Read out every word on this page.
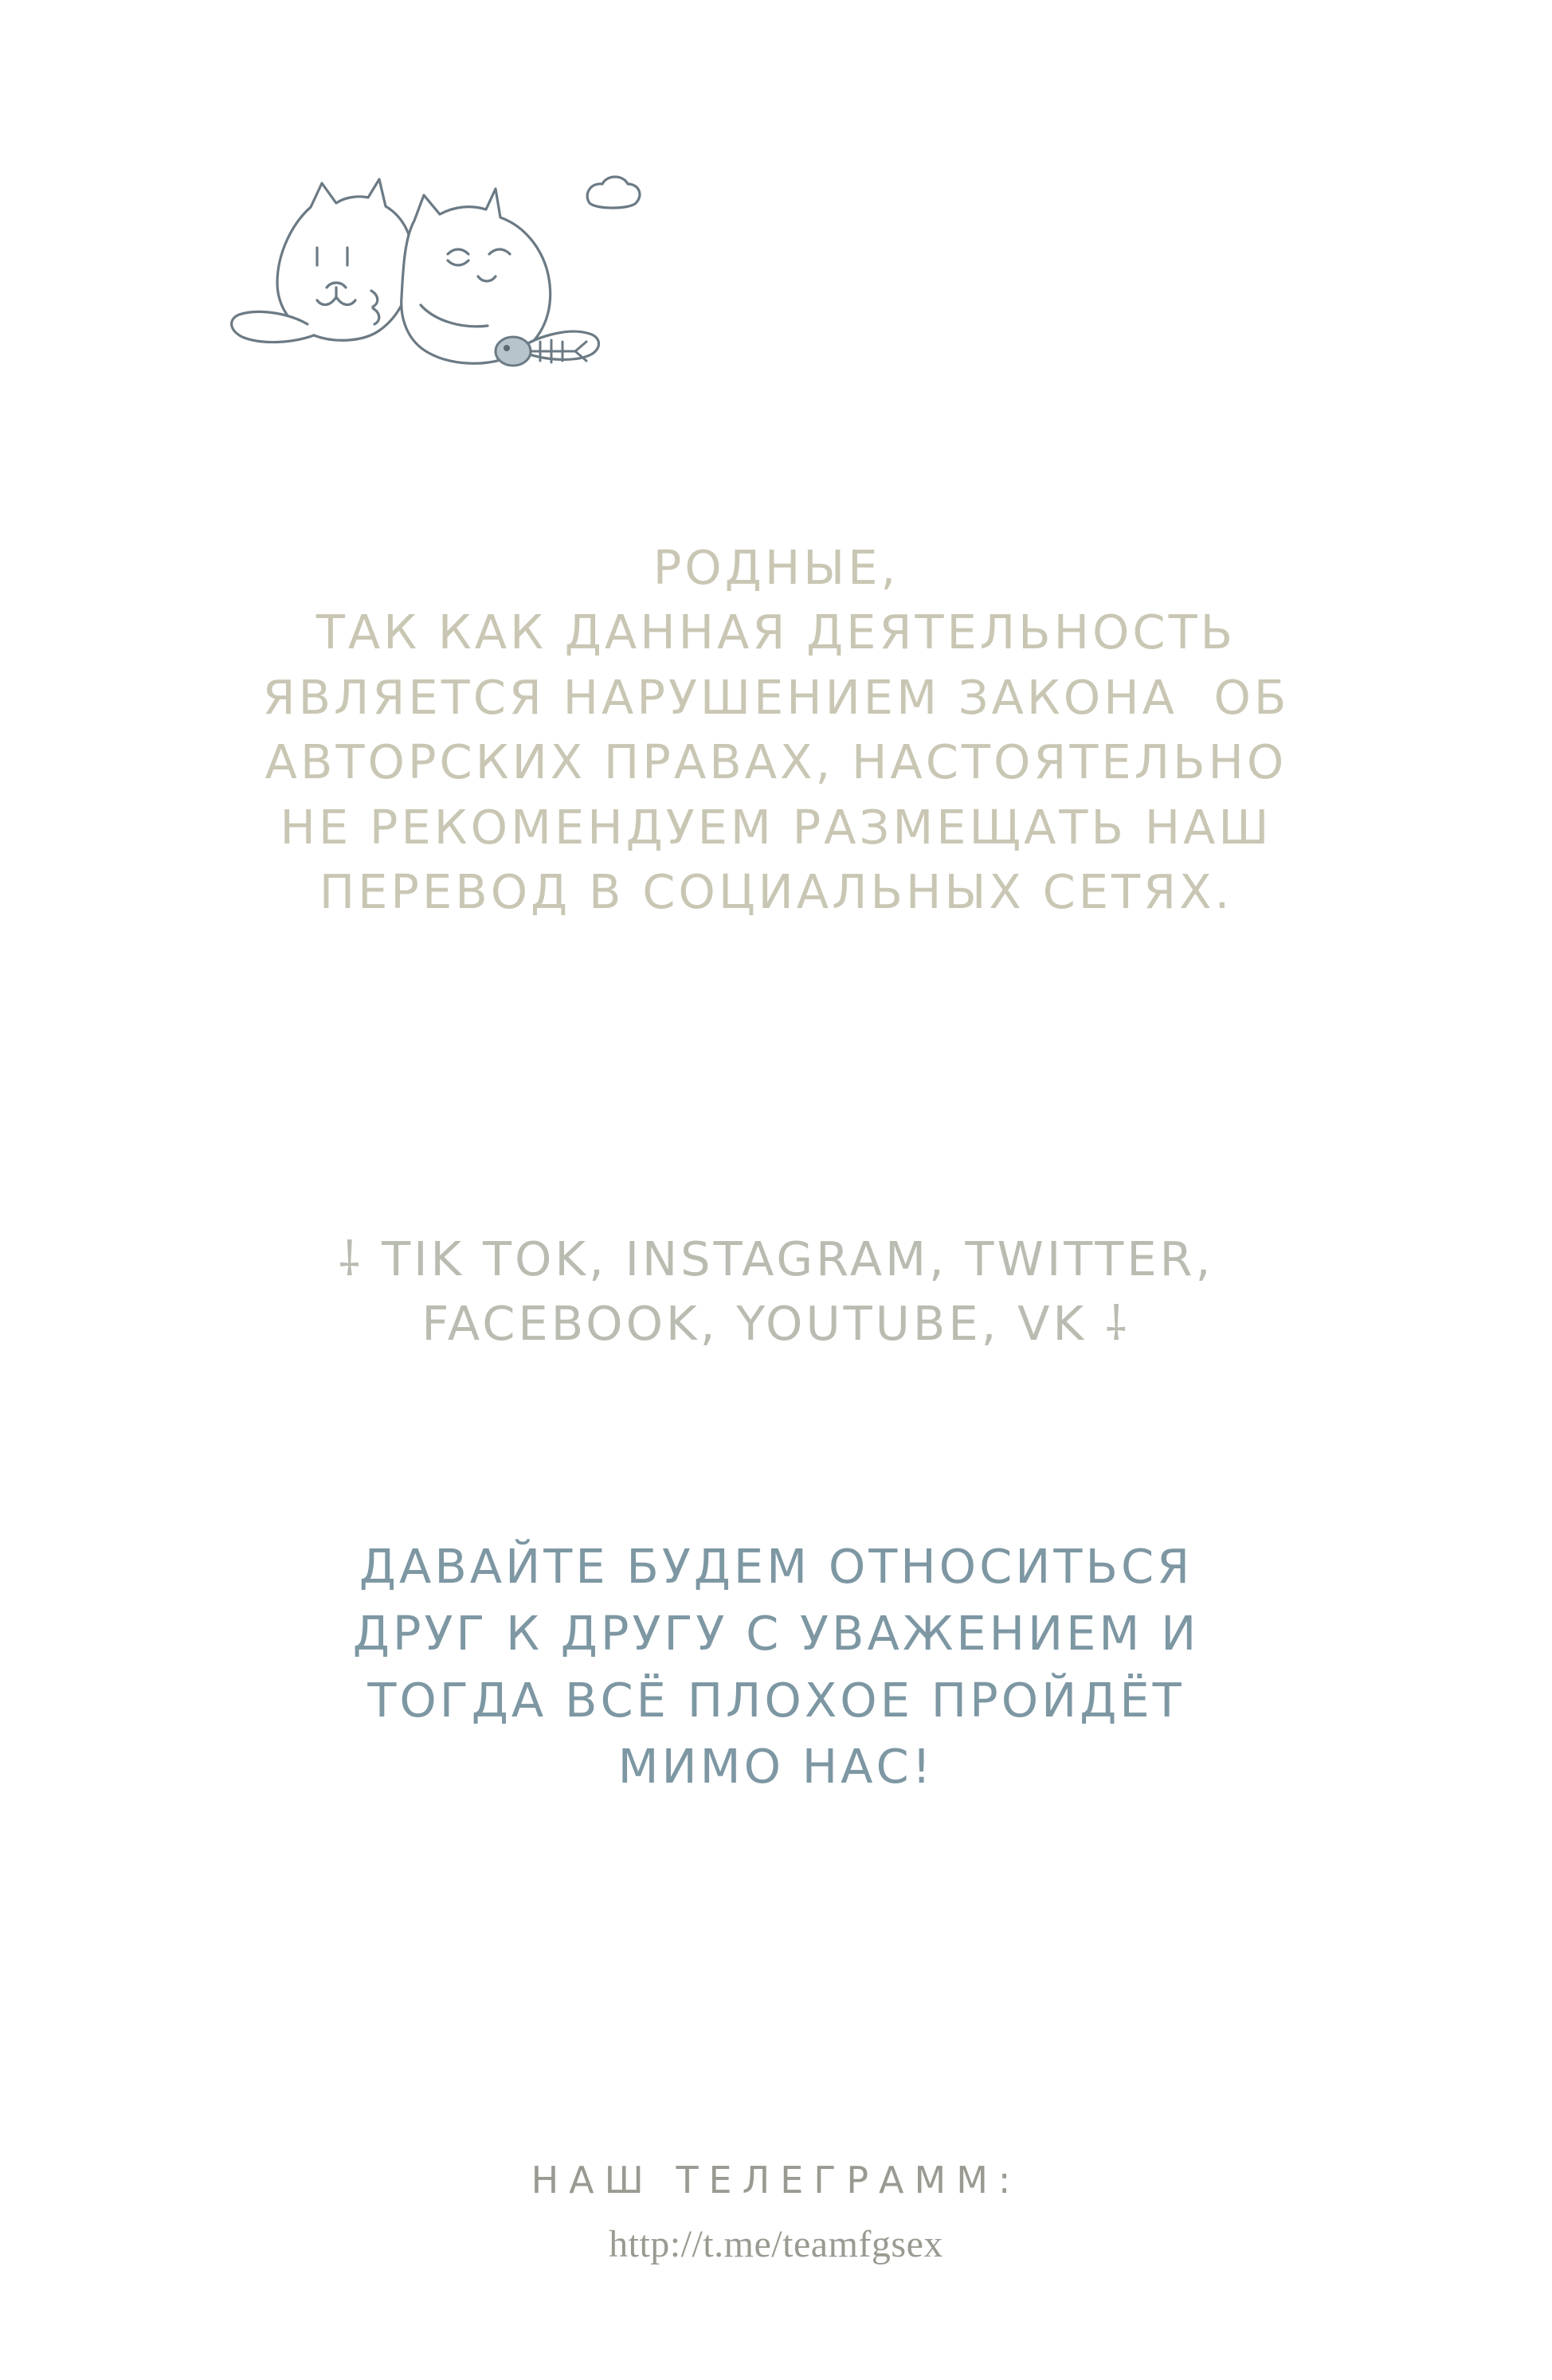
РОДНЫЕ,
ТАК КАК ДАННАЯ ДЕЯТЕЛЬНОСТЬ
ЯВЛЯЕТСЯ НАРУШЕНИЕМ ЗАКОНА  ОБ
АВТОРСКИХ ПРАВАХ, НАСТОЯТЕЛЬНО
НЕ РЕКОМЕНДУЕМ РАЗМЕЩАТЬ НАШ
ПЕРЕВОД В СОЦИАЛЬНЫХ СЕТЯХ.
⸸ TIK TOK, INSTAGRAM, TWITTER,
FACEBOOK, YOUTUBE, VK ⸸
ДАВАЙТЕ БУДЕМ ОТНОСИТЬСЯ
ДРУГ К ДРУГУ С УВАЖЕНИЕМ И
ТОГДА ВСЁ ПЛОХОЕ ПРОЙДЁТ
МИМО НАС!
НАШ ТЕЛЕГРАММ:
http://t.me/teamfgsex
